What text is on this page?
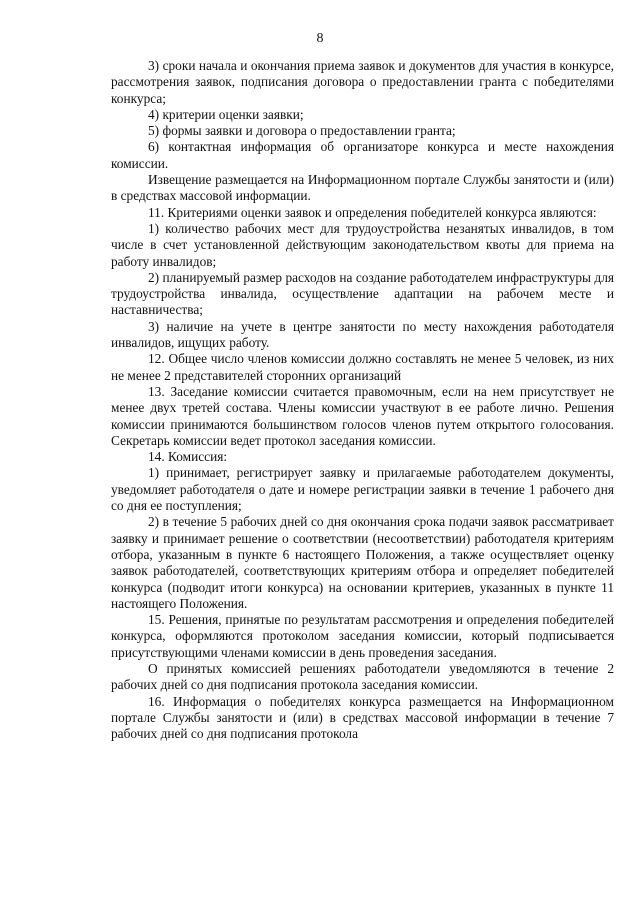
8

3) сроки начала и окончания приема заявок и документов для участия в конкурсе, рассмотрения заявок, подписания договора о предоставлении гранта с победителями конкурса;

4) критерии оценки заявки;

5) формы заявки и договора о предоставлении гранта;

6) контактная информация об организаторе конкурса и месте нахождения комиссии.

Извещение размещается на Информационном портале Службы занятости и (или) в средствах массовой информации.

11. Критериями оценки заявок и определения победителей конкурса являются:

1) количество рабочих мест для трудоустройства незанятых инвалидов, в том числе в счет установленной действующим законодательством квоты для приема на работу инвалидов;

2) планируемый размер расходов на создание работодателем инфраструктуры для трудоустройства инвалида, осуществление адаптации на рабочем месте и наставничества;

3) наличие на учете в центре занятости по месту нахождения работодателя инвалидов, ищущих работу.

12. Общее число членов комиссии должно составлять не менее 5 человек, из них не менее 2 представителей сторонних организаций

13. Заседание комиссии считается правомочным, если на нем присутствует не менее двух третей состава. Члены комиссии участвуют в ее работе лично. Решения комиссии принимаются большинством голосов членов путем открытого голосования. Секретарь комиссии ведет протокол заседания комиссии.

14. Комиссия:

1) принимает, регистрирует заявку и прилагаемые работодателем документы, уведомляет работодателя о дате и номере регистрации заявки в течение 1 рабочего дня со дня ее поступления;

2) в течение 5 рабочих дней со дня окончания срока подачи заявок рассматривает заявку и принимает решение о соответствии (несоответствии) работодателя критериям отбора, указанным в пункте 6 настоящего Положения, а также осуществляет оценку заявок работодателей, соответствующих критериям отбора и определяет победителей конкурса (подводит итоги конкурса) на основании критериев, указанных в пункте 11 настоящего Положения.

15. Решения, принятые по результатам рассмотрения и определения победителей конкурса, оформляются протоколом заседания комиссии, который подписывается присутствующими членами комиссии в день проведения заседания.

О принятых комиссией решениях работодатели уведомляются в течение 2 рабочих дней со дня подписания протокола заседания комиссии.

16. Информация о победителях конкурса размещается на Информационном портале Службы занятости и (или) в средствах массовой информации в течение 7 рабочих дней со дня подписания протокола
